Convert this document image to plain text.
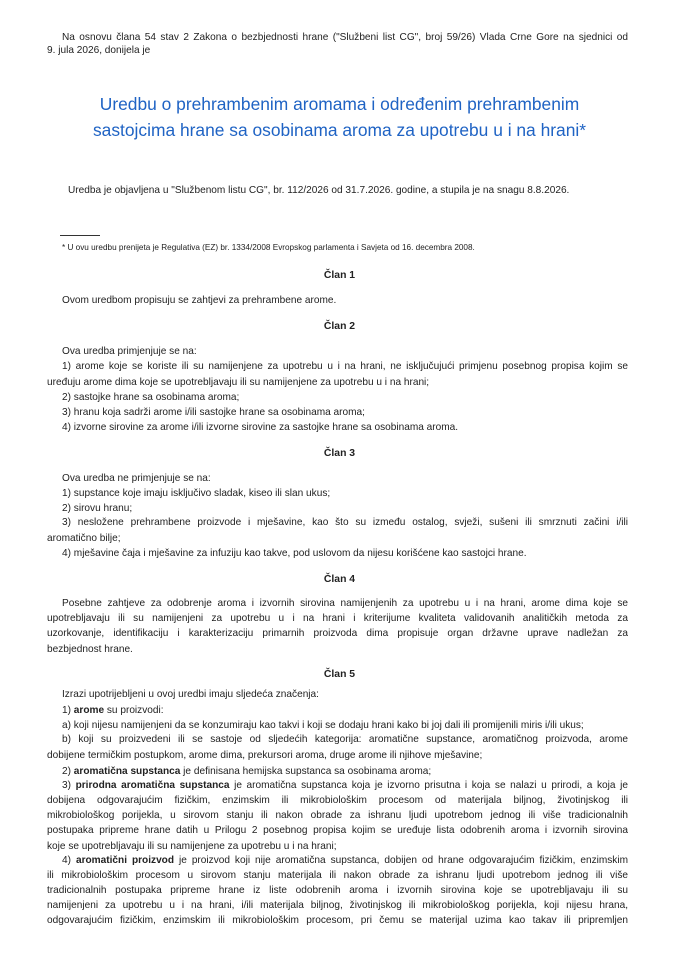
Na osnovu člana 54 stav 2 Zakona o bezbjednosti hrane ("Službeni list CG", broj 59/26) Vlada Crne Gore na sjednici od
9. jula 2026, donijela je
Uredbu o prehrambenim aromama i određenim prehrambenim
sastojcima hrane sa osobinama aroma za upotrebu u i na hrani*
Uredba je objavljena u "Službenom listu CG", br. 112/2026 od 31.7.2026. godine, a stupila je na snagu 8.8.2026.
* U ovu uredbu prenijeta je Regulativa (EZ) br. 1334/2008 Evropskog parlamenta i Savjeta od 16. decembra 2008.
Član 1
Ovom uredbom propisuju se zahtjevi za prehrambene arome.
Član 2
Ova uredba primjenjuje se na:
1) arome koje se koriste ili su namijenjene za upotrebu u i na hrani, ne isključujući primjenu posebnog propisa kojim se
uređuju arome dima koje se upotrebljavaju ili su namijenjene za upotrebu u i na hrani;
2) sastojke hrane sa osobinama aroma;
3) hranu koja sadrži arome i/ili sastojke hrane sa osobinama aroma;
4) izvorne sirovine za arome i/ili izvorne sirovine za sastojke hrane sa osobinama aroma.
Član 3
Ova uredba ne primjenjuje se na:
1) supstance koje imaju isključivo sladak, kiseo ili slan ukus;
2) sirovu hranu;
3) nesložene prehrambene proizvode i mješavine, kao što su između ostalog, svježi, sušeni ili smrznuti začini i/ili
aromatično bilje;
4) mješavine čaja i mješavine za infuziju kao takve, pod uslovom da nijesu korišćene kao sastojci hrane.
Član 4
Posebne zahtjeve za odobrenje aroma i izvornih sirovina namijenjenih za upotrebu u i na hrani, arome dima koje se
upotrebljavaju ili su namijenjeni za upotrebu u i na hrani i kriterijume kvaliteta validovanih analitičkih metoda za
uzorkovanje, identifikaciju i karakterizaciju primarnih proizvoda dima propisuje organ državne uprave nadležan za
bezbjednost hrane.
Član 5
Izrazi upotrijebljeni u ovoj uredbi imaju sljedeća značenja:
1) arome su proizvodi:
a) koji nijesu namijenjeni da se konzumiraju kao takvi i koji se dodaju hrani kako bi joj dali ili promijenili miris i/ili ukus;
b) koji su proizvedeni ili se sastoje od sljedećih kategorija: aromatične supstance, aromatičnog proizvoda, arome
dobijene termičkim postupkom, arome dima, prekursori aroma, druge arome ili njihove mješavine;
2) aromatična supstanca je definisana hemijska supstanca sa osobinama aroma;
3) prirodna aromatična supstanca je aromatična supstanca koja je izvorno prisutna i koja se nalazi u prirodi, a koja je
dobijena odgovarajućim fizičkim, enzimskim ili mikrobiološkim procesom od materijala biljnog, životinjskog ili
mikrobiološkog porijekla, u sirovom stanju ili nakon obrade za ishranu ljudi upotrebom jednog ili više tradicionalnih
postupaka pripreme hrane datih u Prilogu 2 posebnog propisa kojim se uređuje lista odobrenih aroma i izvornih sirovina
koje se upotrebljavaju ili su namijenjene za upotrebu u i na hrani;
4) aromatični proizvod je proizvod koji nije aromatična supstanca, dobijen od hrane odgovarajućim fizičkim, enzimskim
ili mikrobiološkim procesom u sirovom stanju materijala ili nakon obrade za ishranu ljudi upotrebom jednog ili više
tradicionalnih postupaka pripreme hrane iz liste odobrenih aroma i izvornih sirovina koje se upotrebljavaju ili su
namijenjeni za upotrebu u i na hrani, i/ili materijala biljnog, životinjskog ili mikrobiološkog porijekla, koji nijesu hrana,
odgovarajućim fizičkim, enzimskim ili mikrobiološkim procesom, pri čemu se materijal uzima kao takav ili pripremljen
